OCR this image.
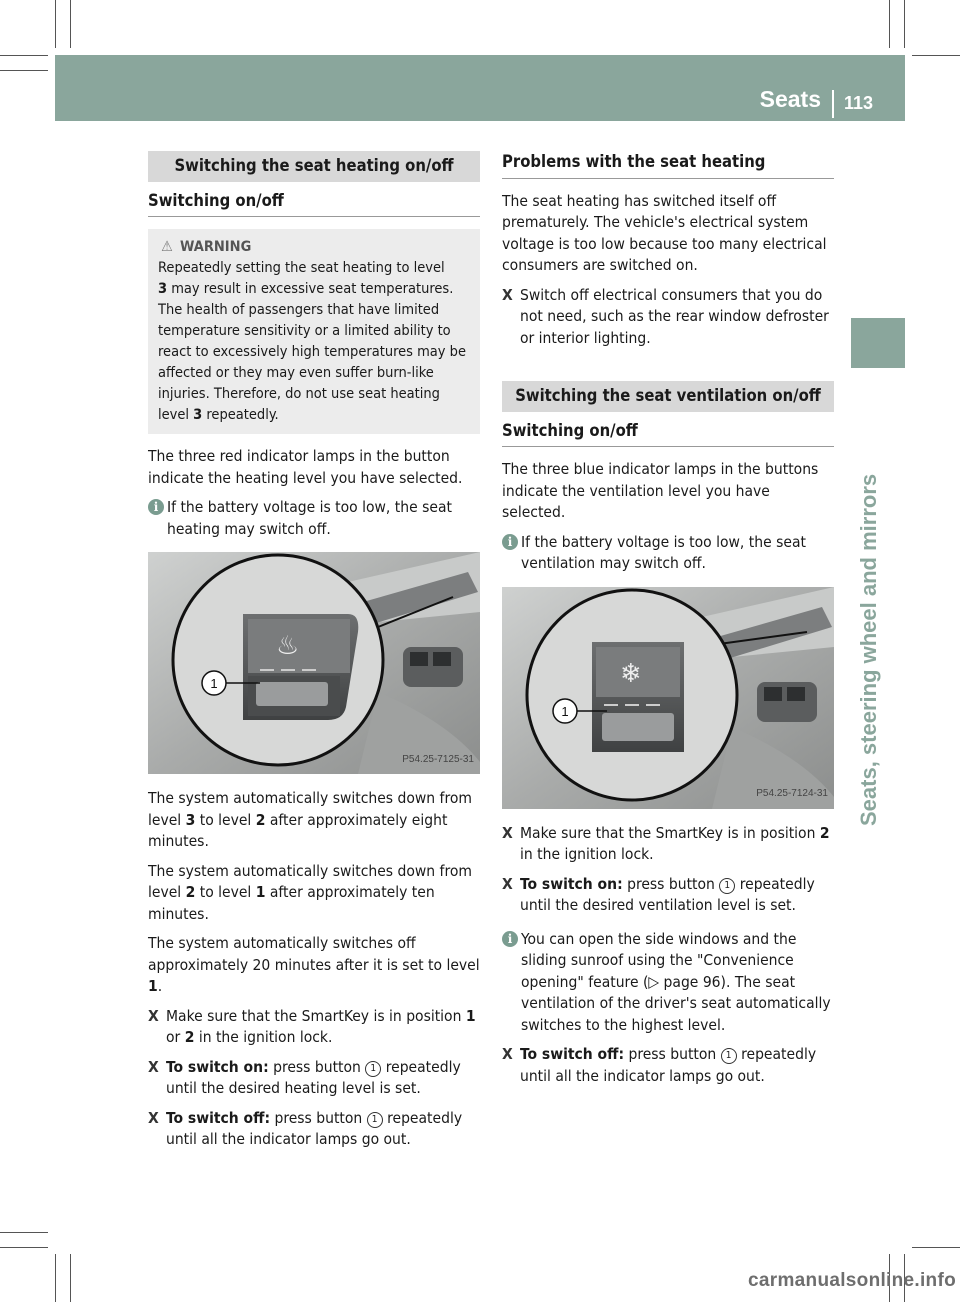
Seats 113
Seats, steering wheel and mirrors
Switching the seat heating on/off
Switching on/off
⚠ WARNING
Repeatedly setting the seat heating to level
3 may result in excessive seat temperatures. The health of passengers that have limited temperature sensitivity or a limited ability to react to excessively high temperatures may be affected or they may even suffer burn-like injuries. Therefore, do not use seat heating level 3 repeatedly.

The three red indicator lamps in the button indicate the heating level you have selected.

i If the battery voltage is too low, the seat heating may switch off.
♨
1
P54.25-7125-31

The system automatically switches down from level 3 to level 2 after approximately eight minutes.

The system automatically switches down from level 2 to level 1 after approximately ten minutes.

The system automatically switches off approximately 20 minutes after it is set to level 1.

X Make sure that the SmartKey is in position 1 or 2 in the ignition lock.
X To switch on: press button 1 repeatedly until the desired heating level is set.
X To switch off: press button 1 repeatedly until all the indicator lamps go out.
Problems with the seat heating

The seat heating has switched itself off prematurely. The vehicle's electrical system voltage is too low because too many electrical consumers are switched on.

X Switch off electrical consumers that you do not need, such as the rear window defroster or interior lighting.
Switching the seat ventilation on/off
Switching on/off

The three blue indicator lamps in the buttons indicate the ventilation level you have selected.

i If the battery voltage is too low, the seat ventilation may switch off.
❄
1
P54.25-7124-31
X Make sure that the SmartKey is in position 2 in the ignition lock.
X To switch on: press button 1 repeatedly until the desired ventilation level is set.
i You can open the side windows and the sliding sunroof using the "Convenience opening" feature (▷ page 96). The seat ventilation of the driver's seat automatically switches to the highest level.
X To switch off: press button 1 repeatedly until all the indicator lamps go out.
carmanualsonline.info
